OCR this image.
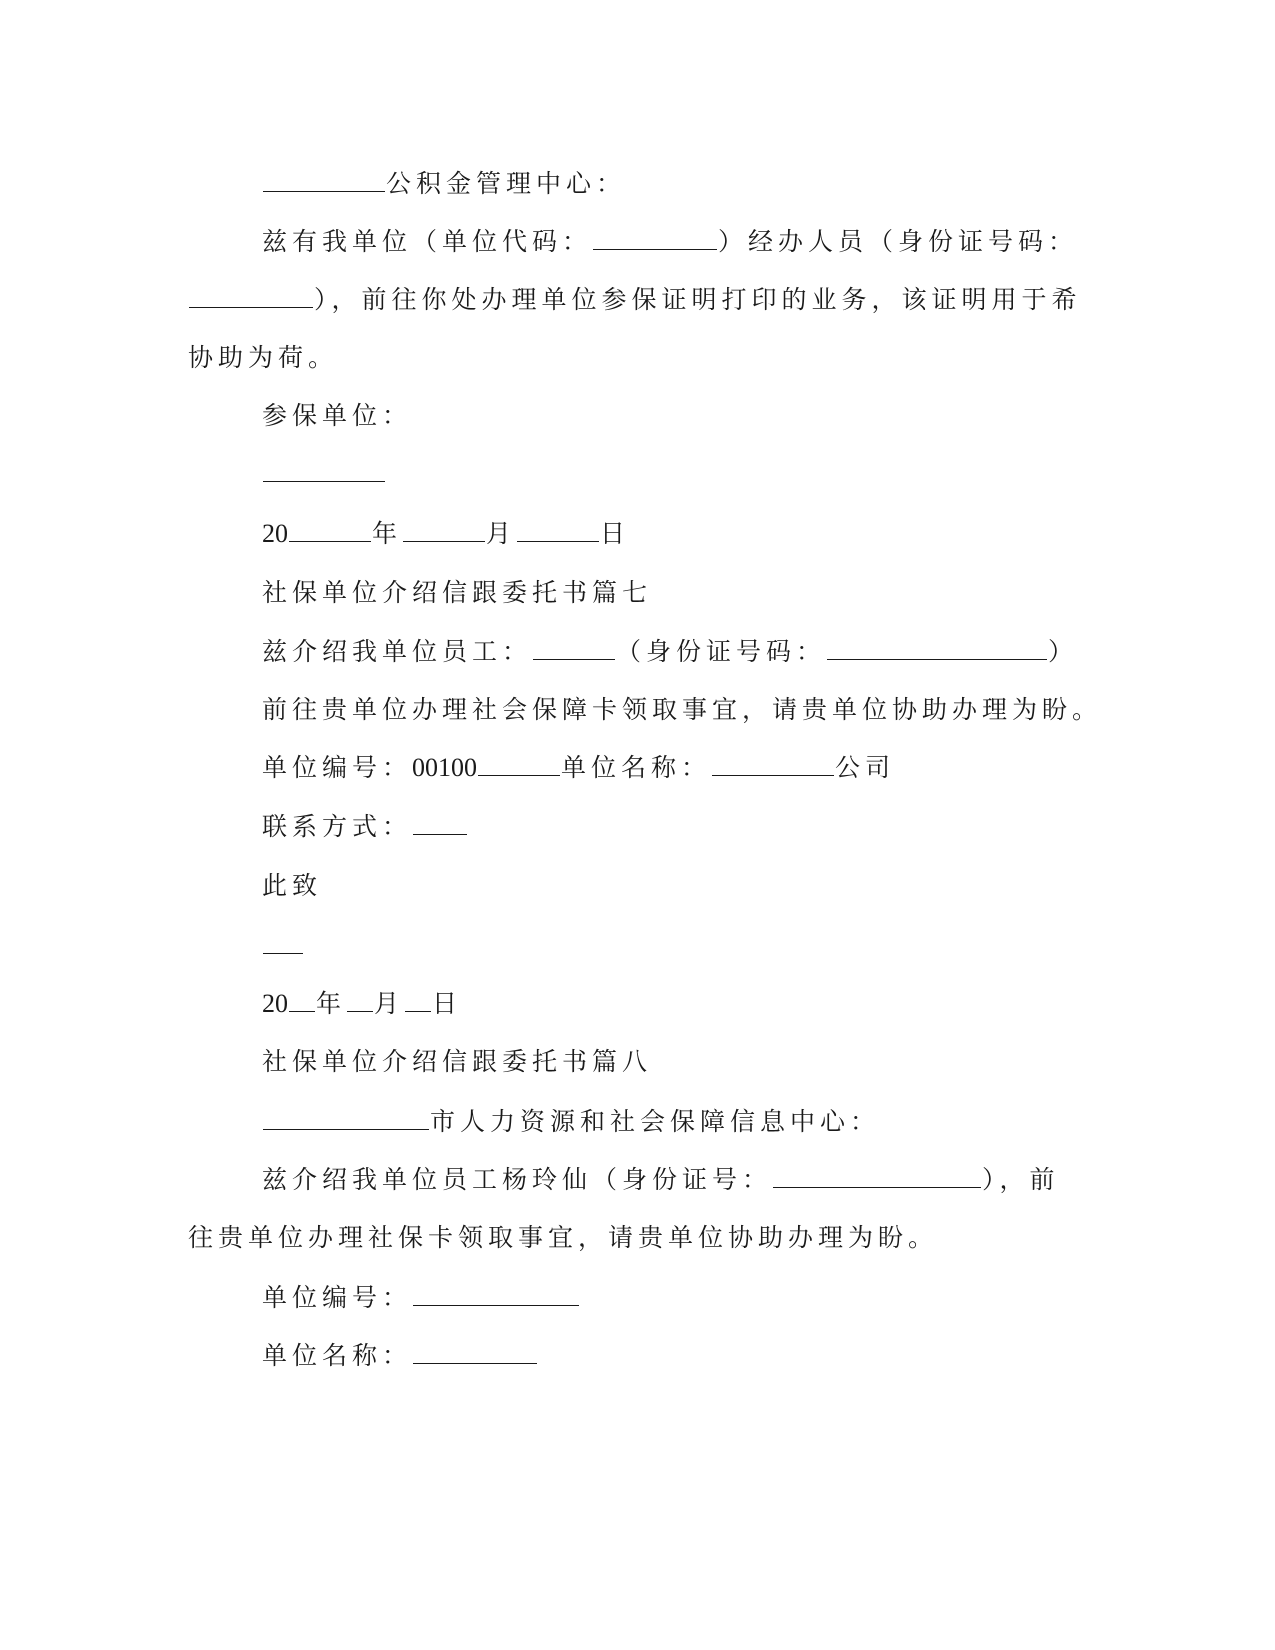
公积金管理中心：
兹有我单位（单位代码：	）经办人员（身份证号码：
），前往你处办理单位参保证明打印的业务，该证明用于希
协助为荷。
参保单位：
20	年	月	日
社保单位介绍信跟委托书篇七
兹介绍我单位员工：	（身份证号码：	）
前往贵单位办理社会保障卡领取事宜，请贵单位协助办理为盼。
单位编号：00100	单位名称：	公司
联系方式：
此致
20 年 月 日
社保单位介绍信跟委托书篇八
市人力资源和社会保障信息中心：
兹介绍我单位员工杨玲仙（身份证号：	），前
往贵单位办理社保卡领取事宜，请贵单位协助办理为盼。
单位编号：
单位名称：
